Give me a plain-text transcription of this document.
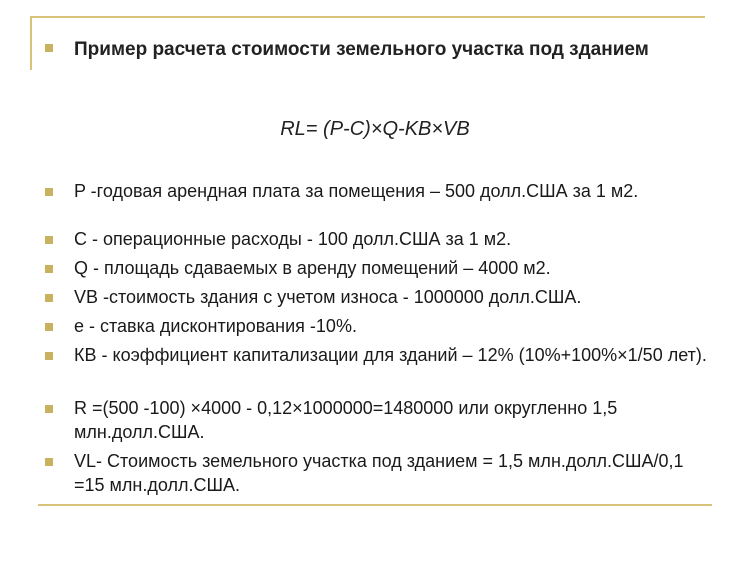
Пример расчета стоимости земельного участка под зданием
RL= (P-C)×Q-KB×VB
P -годовая арендная плата за помещения – 500 долл.США за 1 м2.
C - операционные расходы - 100 долл.США за 1 м2.
Q - площадь сдаваемых в аренду помещений – 4000 м2.
VB -стоимость здания с учетом износа - 1000000 долл.США.
е - ставка дисконтирования -10%.
КВ - коэффициент капитализации для зданий – 12% (10%+100%×1/50 лет).
R =(500 -100) ×4000 - 0,12×1000000=1480000 или округленно 1,5 млн.долл.США.
VL- Стоимость земельного участка под зданием = 1,5 млн.долл.США/0,1 =15 млн.долл.США.
